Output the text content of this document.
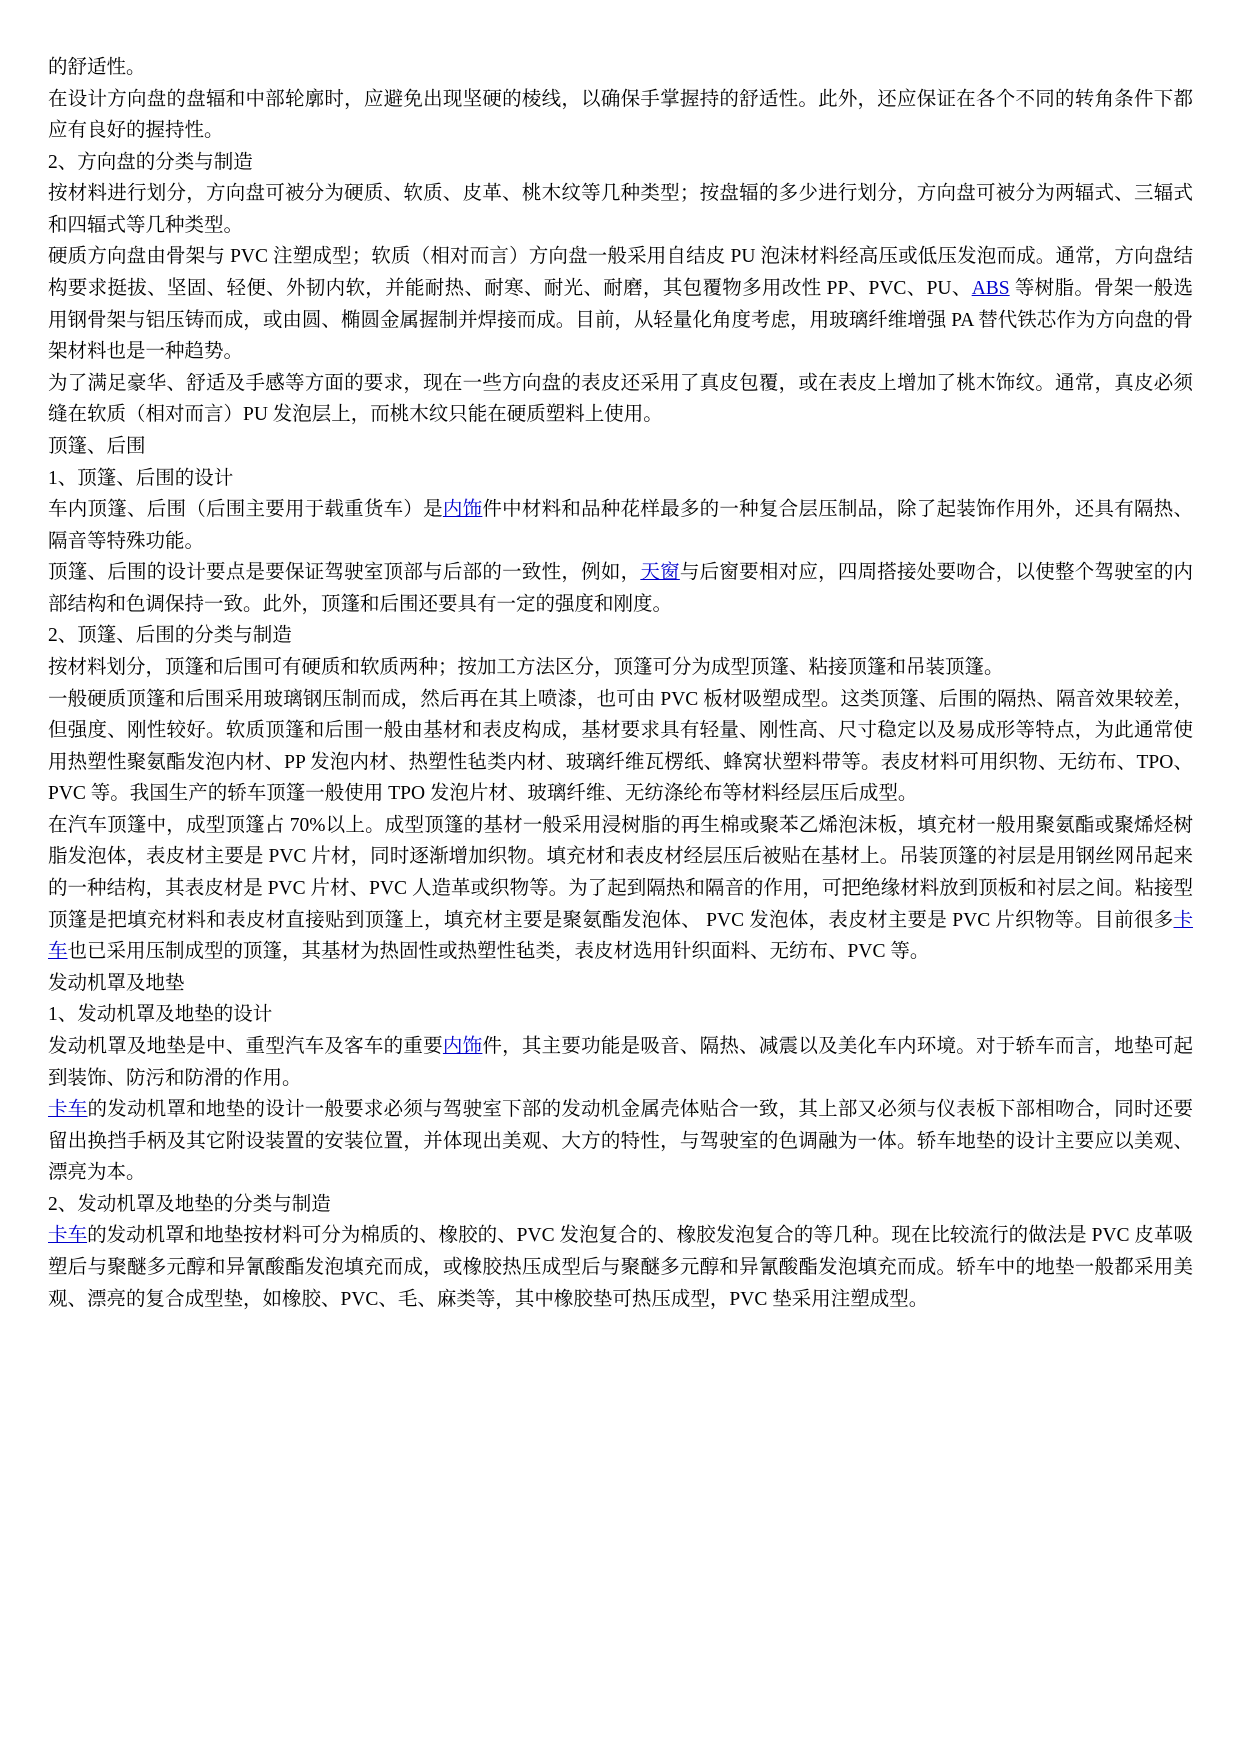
的舒适性。
在设计方向盘的盘辐和中部轮廓时，应避免出现坚硬的棱线，以确保手掌握持的舒适性。此外，还应保证在各个不同的转角条件下都应有良好的握持性。
2、方向盘的分类与制造
按材料进行划分，方向盘可被分为硬质、软质、皮革、桃木纹等几种类型；按盘辐的多少进行划分，方向盘可被分为两辐式、三辐式和四辐式等几种类型。
硬质方向盘由骨架与 PVC 注塑成型；软质（相对而言）方向盘一般采用自结皮 PU 泡沫材料经高压或低压发泡而成。通常，方向盘结构要求挺拔、坚固、轻便、外韧内软，并能耐热、耐寒、耐光、耐磨，其包覆物多用改性 PP、PVC、PU、ABS 等树脂。骨架一般选用钢骨架与铝压铸而成，或由圆、椭圆金属握制并焊接而成。目前，从轻量化角度考虑，用玻璃纤维增强 PA 替代铁芯作为方向盘的骨架材料也是一种趋势。
为了满足豪华、舒适及手感等方面的要求，现在一些方向盘的表皮还采用了真皮包覆，或在表皮上增加了桃木饰纹。通常，真皮必须缝在软质（相对而言）PU 发泡层上，而桃木纹只能在硬质塑料上使用。
顶篷、后围
1、顶篷、后围的设计
车内顶篷、后围（后围主要用于载重货车）是内饰件中材料和品种花样最多的一种复合层压制品，除了起装饰作用外，还具有隔热、隔音等特殊功能。
顶篷、后围的设计要点是要保证驾驶室顶部与后部的一致性，例如，天窗与后窗要相对应，四周搭接处要吻合，以使整个驾驶室的内部结构和色调保持一致。此外，顶篷和后围还要具有一定的强度和刚度。
2、顶篷、后围的分类与制造
按材料划分，顶篷和后围可有硬质和软质两种；按加工方法区分，顶篷可分为成型顶篷、粘接顶篷和吊装顶篷。
一般硬质顶篷和后围采用玻璃钢压制而成，然后再在其上喷漆，也可由 PVC 板材吸塑成型。这类顶篷、后围的隔热、隔音效果较差，但强度、刚性较好。软质顶篷和后围一般由基材和表皮构成，基材要求具有轻量、刚性高、尺寸稳定以及易成形等特点，为此通常使用热塑性聚氨酯发泡内材、PP 发泡内材、热塑性毡类内材、玻璃纤维瓦楞纸、蜂窝状塑料带等。表皮材料可用织物、无纺布、TPO、PVC 等。我国生产的轿车顶篷一般使用 TPO 发泡片材、玻璃纤维、无纺涤纶布等材料经层压后成型。
在汽车顶篷中，成型顶篷占 70%以上。成型顶篷的基材一般采用浸树脂的再生棉或聚苯乙烯泡沫板，填充材一般用聚氨酯或聚烯烃树脂发泡体，表皮材主要是 PVC 片材，同时逐渐增加织物。填充材和表皮材经层压后被贴在基材上。吊装顶篷的衬层是用钢丝网吊起来的一种结构，其表皮材是 PVC 片材、PVC 人造革或织物等。为了起到隔热和隔音的作用，可把绝缘材料放到顶板和衬层之间。粘接型顶篷是把填充材料和表皮材直接贴到顶篷上，填充材主要是聚氨酯发泡体、 PVC 发泡体，表皮材主要是 PVC 片织物等。目前很多卡车也已采用压制成型的顶篷，其基材为热固性或热塑性毡类，表皮材选用针织面料、无纺布、PVC 等。
发动机罩及地垫
1、发动机罩及地垫的设计
发动机罩及地垫是中、重型汽车及客车的重要内饰件，其主要功能是吸音、隔热、减震以及美化车内环境。对于轿车而言，地垫可起到装饰、防污和防滑的作用。
卡车的发动机罩和地垫的设计一般要求必须与驾驶室下部的发动机金属壳体贴合一致，其上部又必须与仪表板下部相吻合，同时还要留出换挡手柄及其它附设装置的安装位置，并体现出美观、大方的特性，与驾驶室的色调融为一体。轿车地垫的设计主要应以美观、漂亮为本。
2、发动机罩及地垫的分类与制造
卡车的发动机罩和地垫按材料可分为棉质的、橡胶的、PVC 发泡复合的、橡胶发泡复合的等几种。现在比较流行的做法是 PVC 皮革吸塑后与聚醚多元醇和异氰酸酯发泡填充而成，或橡胶热压成型后与聚醚多元醇和异氰酸酯发泡填充而成。轿车中的地垫一般都采用美观、漂亮的复合成型垫，如橡胶、PVC、毛、麻类等，其中橡胶垫可热压成型，PVC 垫采用注塑成型。
